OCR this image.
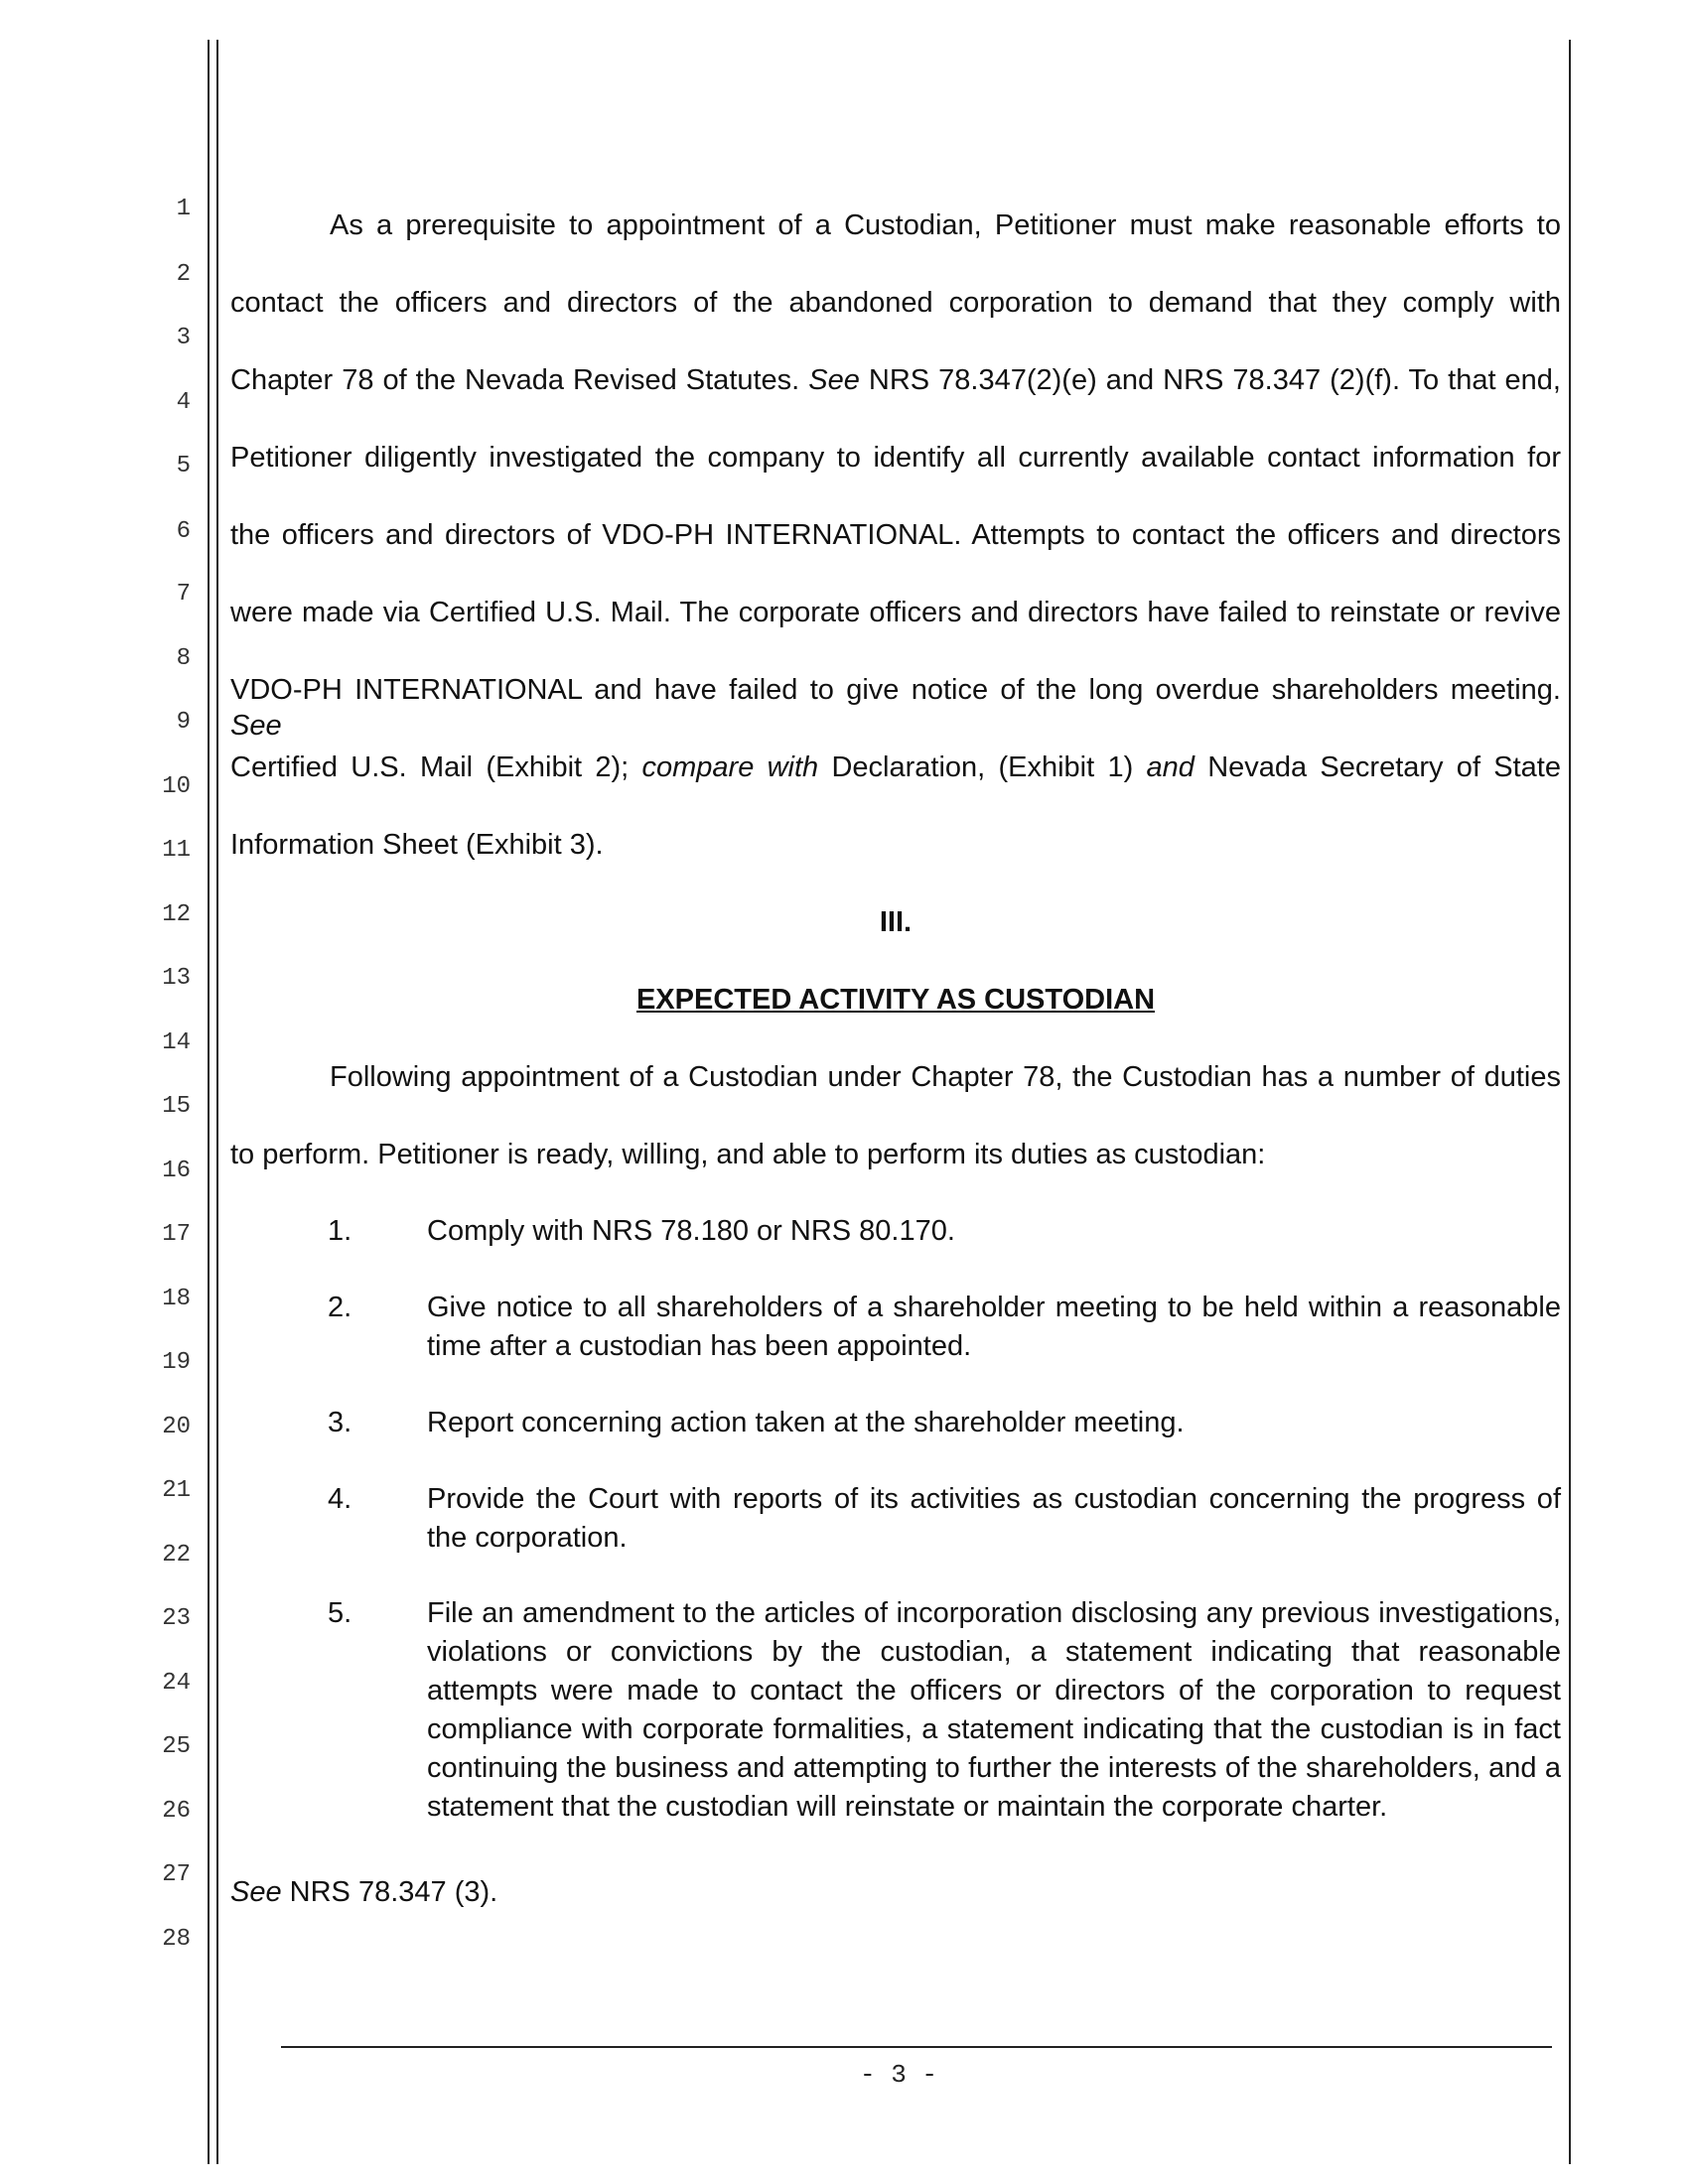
1
2
3
4
5
6
7
8
9
10
11
12
13
14
15
16
17
18
19
20
21
22
23
24
25
26
27
28
As a prerequisite to appointment of a Custodian, Petitioner must make reasonable efforts to
contact the officers and directors of the abandoned corporation to demand that they comply with
Chapter 78 of the Nevada Revised Statutes. See NRS 78.347(2)(e) and NRS 78.347 (2)(f). To that end,
Petitioner diligently investigated the company to identify all currently available contact information for
the officers and directors of VDO-PH INTERNATIONAL. Attempts to contact the officers and directors
were made via Certified U.S. Mail. The corporate officers and directors have failed to reinstate or revive
VDO-PH INTERNATIONAL and have failed to give notice of the long overdue shareholders meeting. See
Certified U.S. Mail (Exhibit 2); compare with Declaration, (Exhibit 1) and Nevada Secretary of State
Information Sheet (Exhibit 3).
III.
EXPECTED ACTIVITY AS CUSTODIAN
Following appointment of a Custodian under Chapter 78, the Custodian has a number of duties
to perform. Petitioner is ready, willing, and able to perform its duties as custodian:
1.	Comply with NRS 78.180 or NRS 80.170.
2.	Give notice to all shareholders of a shareholder meeting to be held within a reasonable time after a custodian has been appointed.
3.	Report concerning action taken at the shareholder meeting.
4.	Provide the Court with reports of its activities as custodian concerning the progress of the corporation.
5.	File an amendment to the articles of incorporation disclosing any previous investigations, violations or convictions by the custodian, a statement indicating that reasonable attempts were made to contact the officers or directors of the corporation to request compliance with corporate formalities, a statement indicating that the custodian is in fact continuing the business and attempting to further the interests of the shareholders, and a statement that the custodian will reinstate or maintain the corporate charter.
See NRS 78.347 (3).
- 3 -
